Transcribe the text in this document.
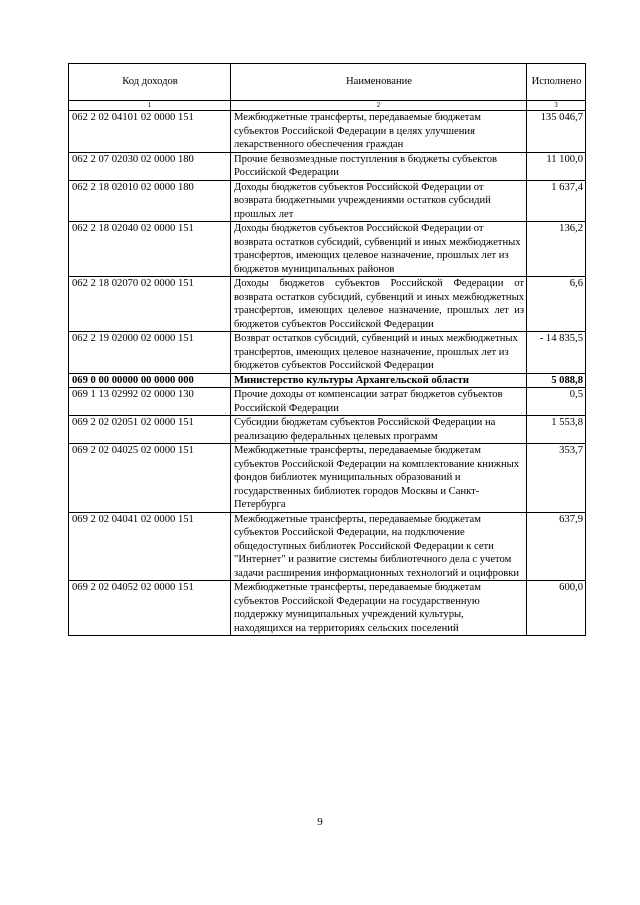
Код доходов	Наименование	Исполнено
1	2	3
062 2 02 04101 02 0000 151	Межбюджетные трансферты, передаваемые бюджетам субъектов Российской Федерации в целях улучшения лекарственного обеспечения граждан	135 046,7
062 2 07 02030 02 0000 180	Прочие безвозмездные поступления в бюджеты субъектов Российской Федерации	11 100,0
062 2 18 02010 02 0000 180	Доходы бюджетов субъектов Российской Федерации от возврата бюджетными учреждениями остатков субсидий прошлых лет	1 637,4
062 2 18 02040 02 0000 151	Доходы бюджетов субъектов Российской Федерации от возврата остатков субсидий, субвенций и иных межбюджетных трансфертов, имеющих целевое назначение, прошлых лет из бюджетов муниципальных районов	136,2
062 2 18 02070 02 0000 151	Доходы бюджетов субъектов Российской Федерации от возврата остатков субсидий, субвенций и иных межбюджетных трансфертов, имеющих целевое назначение, прошлых лет из бюджетов субъектов Российской Федерации	6,6
062 2 19 02000 02 0000 151	Возврат остатков субсидий, субвенций и иных межбюджетных трансфертов, имеющих целевое назначение, прошлых лет из бюджетов субъектов Российской Федерации	- 14 835,5
069 0 00 00000 00 0000 000	Министерство культуры Архангельской области	5 088,8
069 1 13 02992 02 0000 130	Прочие доходы от компенсации затрат бюджетов субъектов Российской Федерации	0,5
069 2 02 02051 02 0000 151	Субсидии бюджетам субъектов Российской Федерации на реализацию федеральных целевых программ	1 553,8
069 2 02 04025 02 0000 151	Межбюджетные трансферты, передаваемые бюджетам субъектов Российской Федерации на комплектование книжных фондов библиотек муниципальных образований и государственных библиотек городов Москвы и Санкт-Петербурга	353,7
069 2 02 04041 02 0000 151	Межбюджетные трансферты, передаваемые бюджетам субъектов Российской Федерации, на подключение общедоступных библиотек Российской Федерации к сети "Интернет" и развитие системы библиотечного дела с учетом задачи расширения информационных технологий и оцифровки	637,9
069 2 02 04052 02 0000 151	Межбюджетные трансферты, передаваемые бюджетам субъектов Российской Федерации на государственную поддержку муниципальных учреждений культуры, находящихся на территориях сельских поселений	600,0
9
